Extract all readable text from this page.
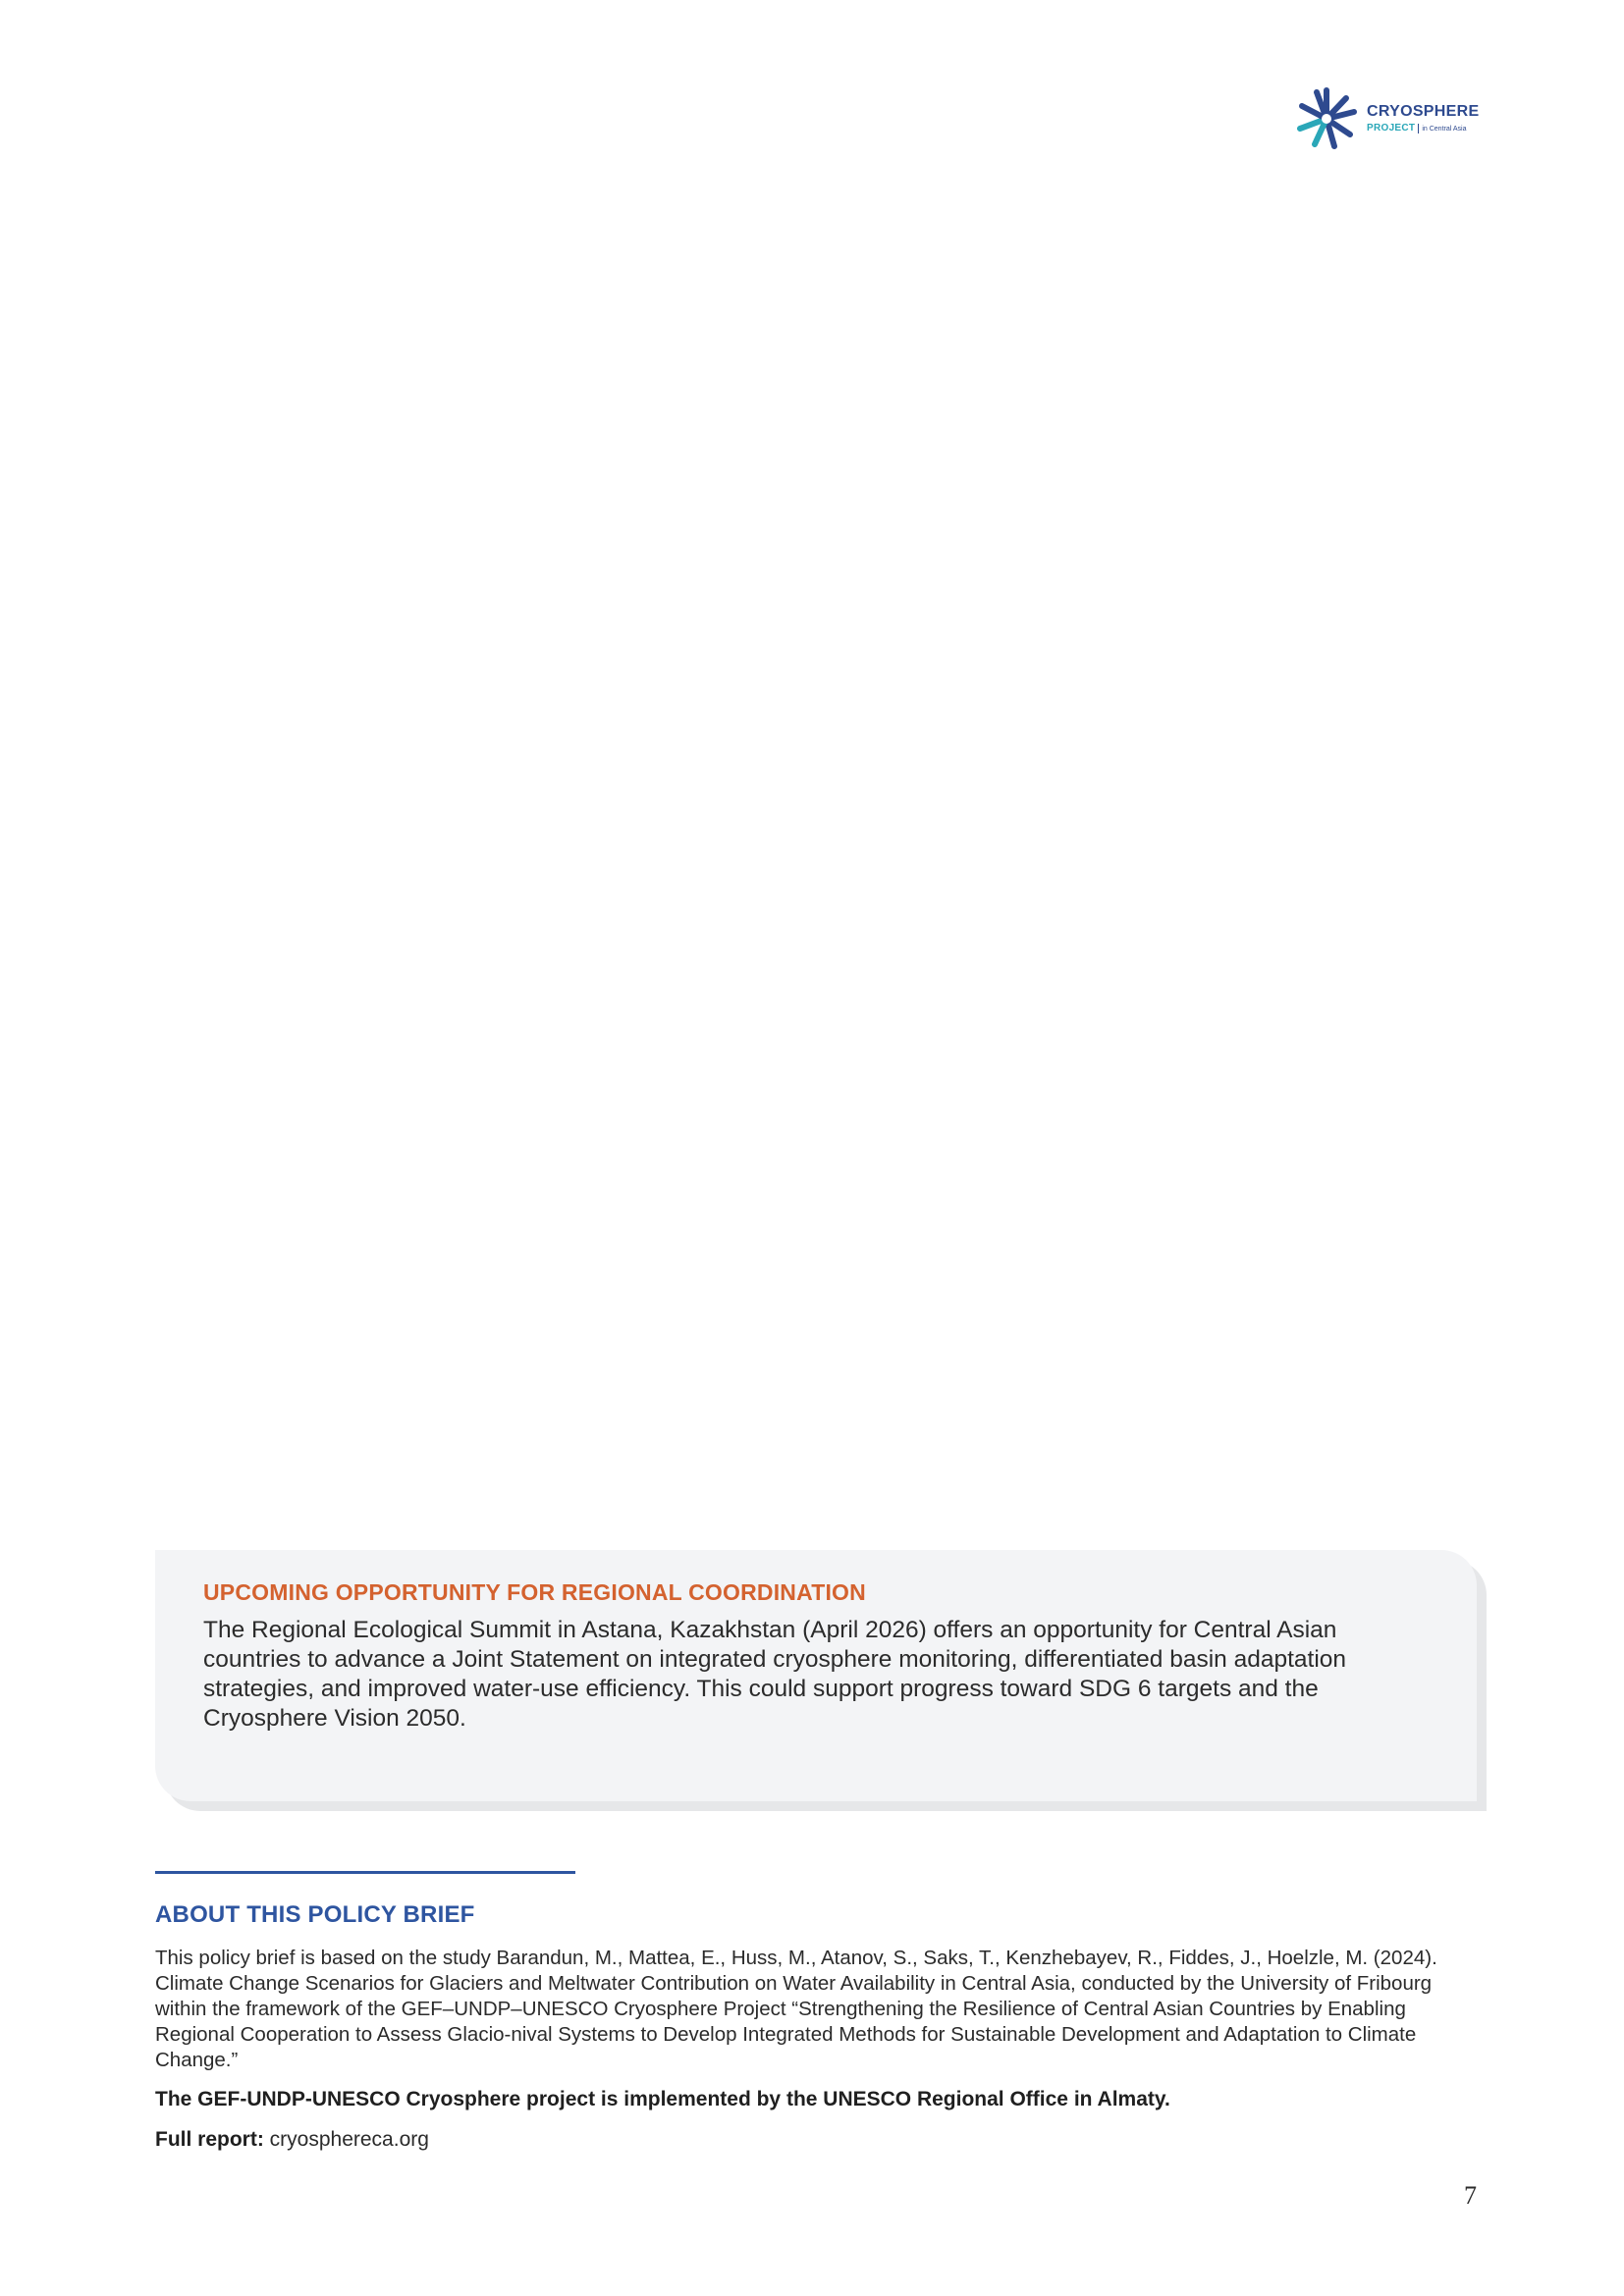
CRYOSPHERE
PROJECT in Central Asia
UPCOMING OPPORTUNITY FOR REGIONAL COORDINATION

The Regional Ecological Summit in Astana, Kazakhstan (April 2026) offers an opportunity for Central Asian countries to advance a Joint Statement on integrated cryosphere monitoring, differentiated basin adaptation strategies, and improved water-use efficiency. This could support progress toward SDG 6 targets and the Cryosphere Vision 2050.

ABOUT THIS POLICY BRIEF

This policy brief is based on the study Barandun, M., Mattea, E., Huss, M., Atanov, S., Saks, T., Kenzhebayev, R., Fiddes, J., Hoelzle, M. (2024). Climate Change Scenarios for Glaciers and Meltwater Contribution on Water Availability in Central Asia, conducted by the University of Fribourg within the framework of the GEF–UNDP–UNESCO Cryosphere Project “Strengthening the Resilience of Central Asian Countries by Enabling Regional Cooperation to Assess Glacio-nival Systems to Develop Integrated Methods for Sustainable Development and Adaptation to Climate Change.”

The GEF-UNDP-UNESCO Cryosphere project is implemented by the UNESCO Regional Office in Almaty.

Full report: cryosphereca.org

7
